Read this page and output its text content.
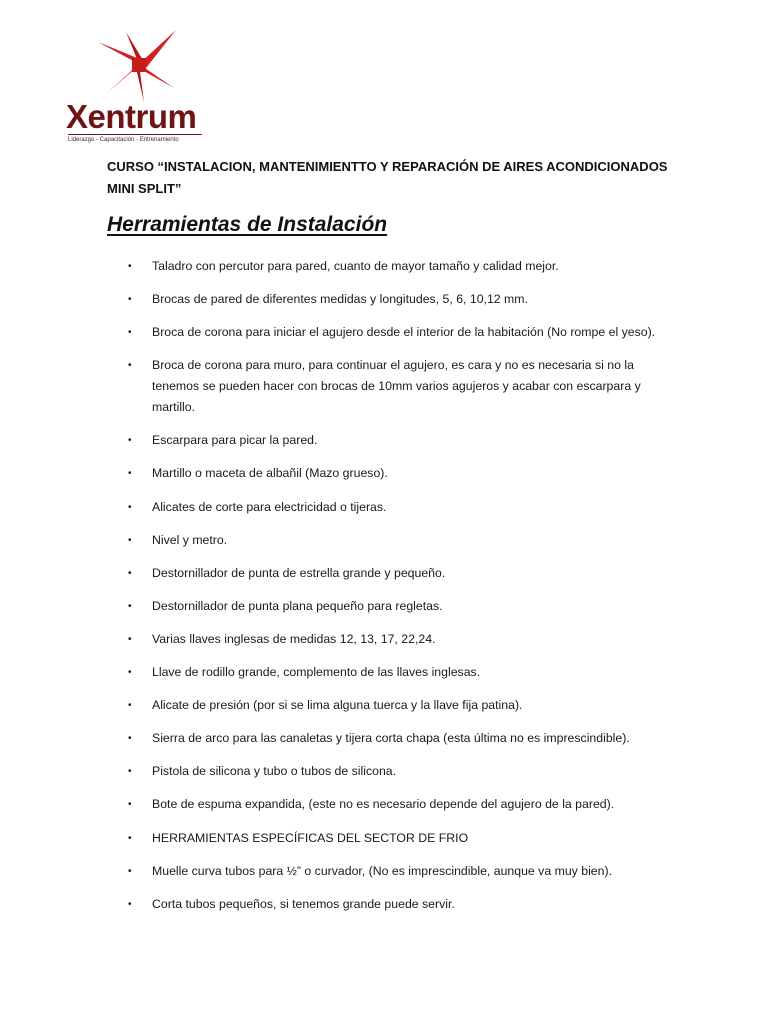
Xentrum
Liderazgo - Capacitación - Entrenamiento

CURSO “INSTALACION, MANTENIMIENTTO Y REPARACIÓN DE AIRES ACONDICIONADOS MINI SPLIT”

Herramientas de Instalación
• Taladro con percutor para pared, cuanto de mayor tamaño y calidad mejor.
• Brocas de pared de diferentes medidas y longitudes, 5, 6, 10,12 mm.
• Broca de corona para iniciar el agujero desde el interior de la habitación (No rompe el yeso).
• Broca de corona para muro, para continuar el agujero, es cara y no es necesaria si no la tenemos se pueden hacer con brocas de 10mm varios agujeros y acabar con escarpara y martillo.
• Escarpara para picar la pared.
• Martillo o maceta de albañil (Mazo grueso).
• Alicates de corte para electricidad o tijeras.
• Nivel y metro.
• Destornillador de punta de estrella grande y pequeño.
• Destornillador de punta plana pequeño para regletas.
• Varias llaves inglesas de medidas 12, 13, 17, 22,24.
• Llave de rodillo grande, complemento de las llaves inglesas.
• Alicate de presión (por si se lima alguna tuerca y la llave fija patina).
• Sierra de arco para las canaletas y tijera corta chapa (esta última no es imprescindible).
• Pistola de silicona y tubo o tubos de silicona.
• Bote de espuma expandida, (este no es necesario depende del agujero de la pared).
• HERRAMIENTAS ESPECÍFICAS DEL SECTOR DE FRIO
• Muelle curva tubos para ½” o curvador, (No es imprescindible, aunque va muy bien).
• Corta tubos pequeños, si tenemos grande puede servir.
